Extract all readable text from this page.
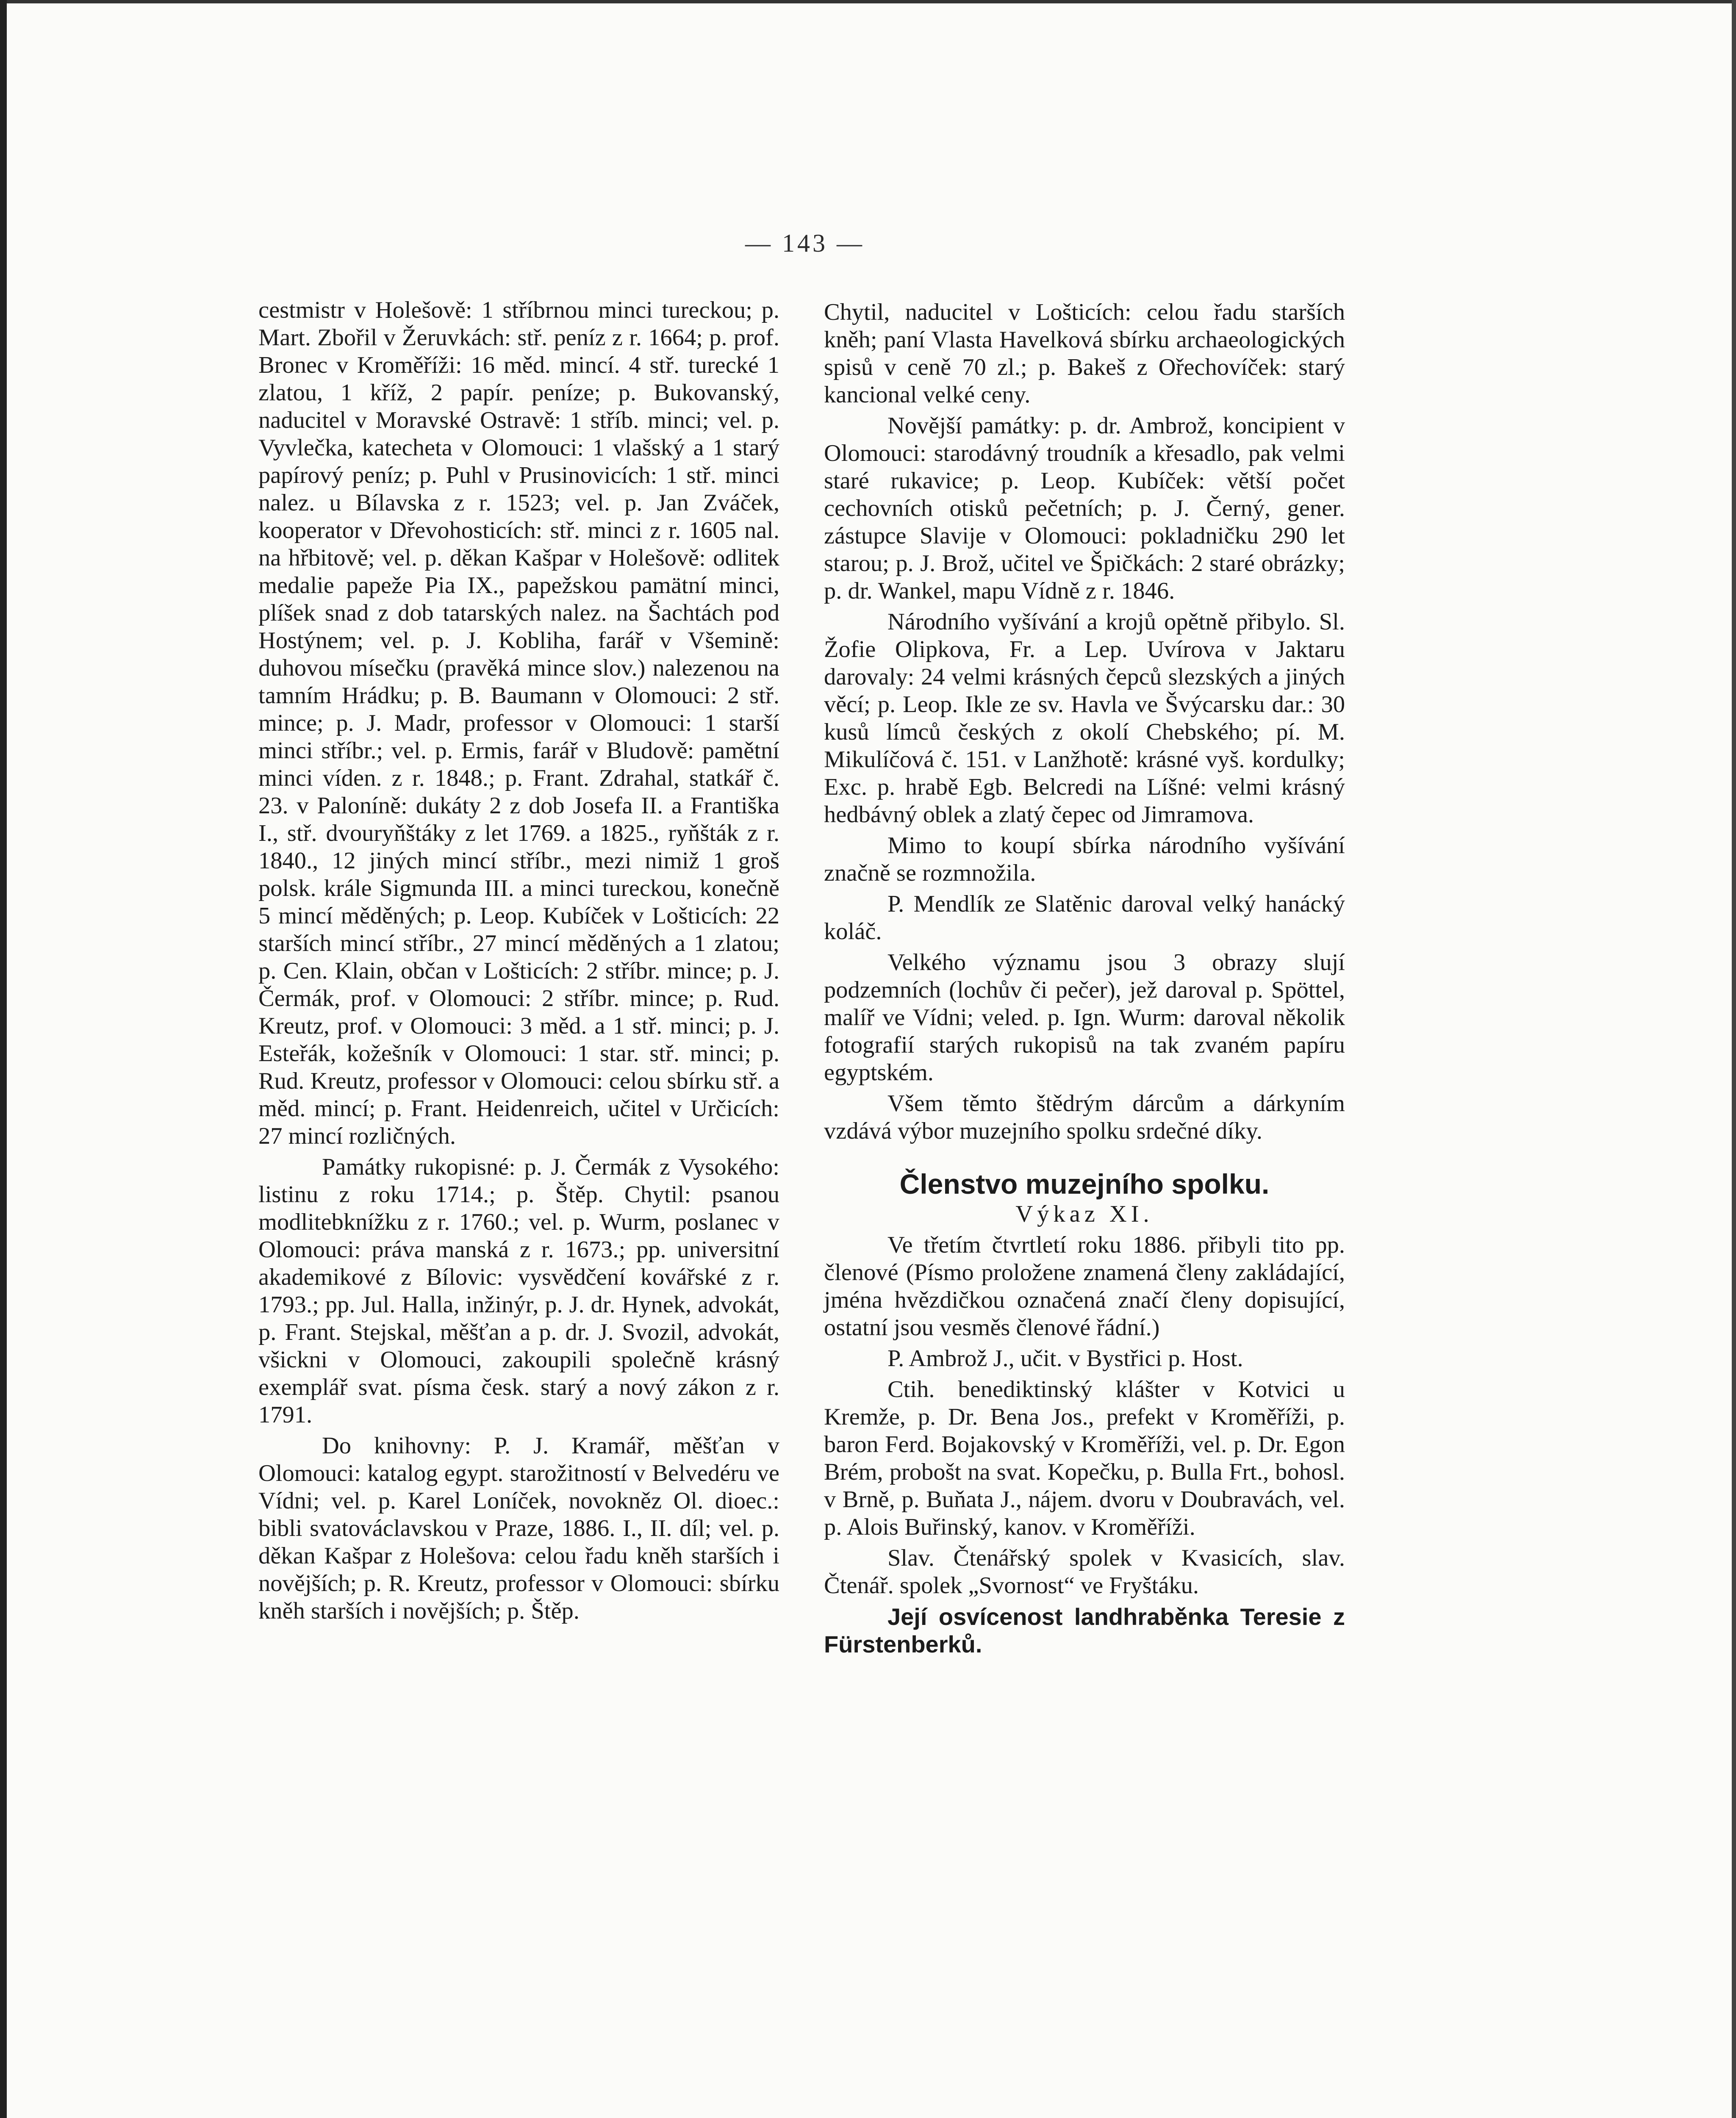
— 143 —

cestmistr v Holešově: 1 stříbrnou minci tureckou; p. Mart. Zbořil v Žeruvkách: stř. peníz z r. 1664; p. prof. Bronec v Kroměříži: 16 měd. mincí. 4 stř. turecké 1 zlatou, 1 kříž, 2 papír. peníze; p. Bukovanský, naducitel v Moravské Ostravě: 1 stříb. minci; vel. p. Vyvlečka, katecheta v Olomouci: 1 vlašský a 1 starý papírový peníz; p. Puhl v Prusinovicích: 1 stř. minci nalez. u Bílavska z r. 1523; vel. p. Jan Zváček, kooperator v Dřevohosticích: stř. minci z r. 1605 nal. na hřbitově; vel. p. děkan Kašpar v Holešově: odlitek medalie papeže Pia IX., papežskou pamätní minci, plíšek snad z dob tatarských nalez. na Šachtách pod Hostýnem; vel. p. J. Kobliha, farář v Všemině: duhovou mísečku (pravěká mince slov.) nalezenou na tamním Hrádku; p. B. Baumann v Olomouci: 2 stř. mince; p. J. Madr, professor v Olomouci: 1 starší minci stříbr.; vel. p. Ermis, farář v Bludově: pamětní minci víden. z r. 1848.; p. Frant. Zdrahal, statkář č. 23. v Paloníně: dukáty 2 z dob Josefa II. a Františka I., stř. dvouryňštáky z let 1769. a 1825., ryňšták z r. 1840., 12 jiných mincí stříbr., mezi nimiž 1 groš polsk. krále Sigmunda III. a minci tureckou, konečně 5 mincí měděných; p. Leop. Kubíček v Lošticích: 22 starších mincí stříbr., 27 mincí měděných a 1 zlatou; p. Cen. Klain, občan v Lošticích: 2 stříbr. mince; p. J. Čermák, prof. v Olomouci: 2 stříbr. mince; p. Rud. Kreutz, prof. v Olomouci: 3 měd. a 1 stř. minci; p. J. Esteřák, kožešník v Olomouci: 1 star. stř. minci; p. Rud. Kreutz, professor v Olomouci: celou sbírku stř. a měd. mincí; p. Frant. Heidenreich, učitel v Určicích: 27 mincí rozličných.

Památky rukopisné: p. J. Čermák z Vysokého: listinu z roku 1714.; p. Štěp. Chytil: psanou modlitebknížku z r. 1760.; vel. p. Wurm, poslanec v Olomouci: práva manská z r. 1673.; pp. universitní akademikové z Bílovic: vysvědčení kovářské z r. 1793.; pp. Jul. Halla, inžinýr, p. J. dr. Hynek, advokát, p. Frant. Stejskal, měšťan a p. dr. J. Svozil, advokát, všickni v Olomouci, zakoupili společně krásný exemplář svat. písma česk. starý a nový zákon z r. 1791.

Do knihovny: P. J. Kramář, měšťan v Olomouci: katalog egypt. starožitností v Belvedéru ve Vídni; vel. p. Karel Loníček, novokněz Ol. dioec.: bibli svatováclavskou v Praze, 1886. I., II. díl; vel. p. děkan Kašpar z Holešova: celou řadu kněh starších i novějších; p. R. Kreutz, professor v Olomouci: sbírku kněh starších i novějších; p. Štěp.

Chytil, naducitel v Lošticích: celou řadu starších kněh; paní Vlasta Havelková sbírku archaeologických spisů v ceně 70 zl.; p. Bakeš z Ořechovíček: starý kancional velké ceny.

Novější památky: p. dr. Ambrož, koncipient v Olomouci: starodávný troudník a křesadlo, pak velmi staré rukavice; p. Leop. Kubíček: větší počet cechovních otisků pečetních; p. J. Černý, gener. zástupce Slavije v Olomouci: pokladničku 290 let starou; p. J. Brož, učitel ve Špičkách: 2 staré obrázky; p. dr. Wankel, mapu Vídně z r. 1846.

Národního vyšívání a krojů opětně přibylo. Sl. Žofie Olipkova, Fr. a Lep. Uvírova v Jaktaru darovaly: 24 velmi krásných čepců slezských a jiných věcí; p. Leop. Ikle ze sv. Havla ve Švýcarsku dar.: 30 kusů límců českých z okolí Chebského; pí. M. Mikulíčová č. 151. v Lanžhotě: krásné vyš. kordulky; Exc. p. hrabě Egb. Belcredi na Líšné: velmi krásný hedbávný oblek a zlatý čepec od Jimramova.

Mimo to koupí sbírka národního vyšívání značně se rozmnožila.

P. Mendlík ze Slatěnic daroval velký hanácký koláč.

Velkého významu jsou 3 obrazy slují podzemních (lochův či pečer), jež daroval p. Spöttel, malíř ve Vídni; veled. p. Ign. Wurm: daroval několik fotografií starých rukopisů na tak zvaném papíru egyptském.

Všem těmto štědrým dárcům a dárkyním vzdává výbor muzejního spolku srdečné díky.

Členstvo muzejního spolku.

Výkaz XI.

Ve třetím čtvrtletí roku 1886. přibyli tito pp. členové (Písmo proložene znamená členy zakládající, jména hvězdičkou označená značí členy dopisující, ostatní jsou vesměs členové řádní.)

P. Ambrož J., učit. v Bystřici p. Host.

Ctih. benediktinský klášter v Kotvici u Kremže, p. Dr. Bena Jos., prefekt v Kroměříži, p. baron Ferd. Bojakovský v Kroměříži, vel. p. Dr. Egon Brém, probošt na svat. Kopečku, p. Bulla Frt., bohosl. v Brně, p. Buňata J., nájem. dvoru v Doubravách, vel. p. Alois Buřinský, kanov. v Kroměříži.

Slav. Čtenářský spolek v Kvasicích, slav. Čtenář. spolek „Svornost“ ve Fryštáku.

Její osvícenost landhraběnka Teresie z Fürstenberků.
